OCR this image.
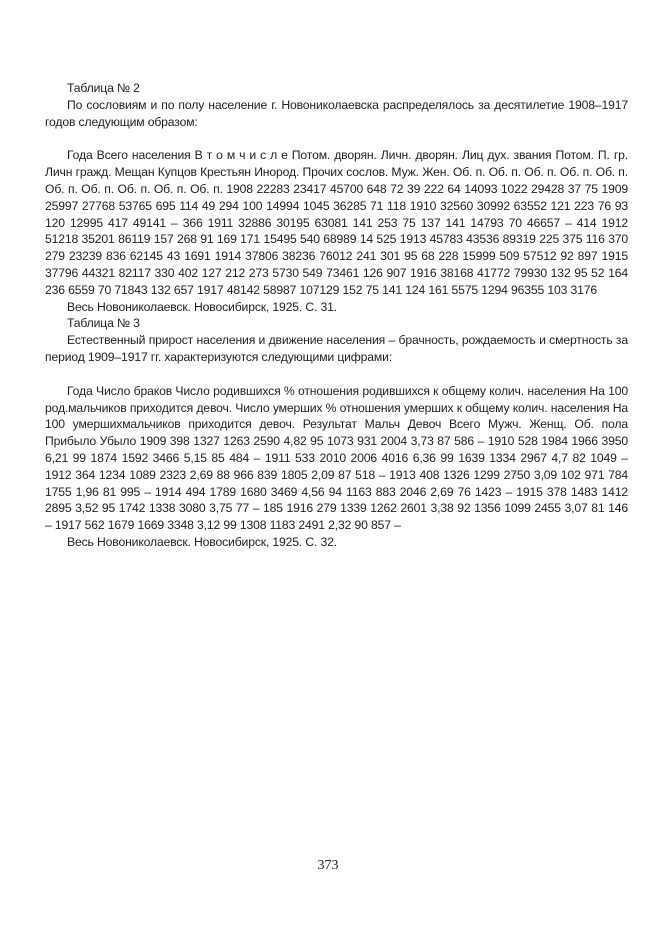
Таблица № 2

По сословиям и по полу население г. Новониколаевска распределялось за десятилетие 1908–1917 годов следующим образом:

Года Всего населения В т о м ч и с л е Потом. дворян. Личн. дворян. Лиц дух. звания Потом. П. гр. Личн гражд. Мещан Купцов Крестьян Инород. Прочих сослов. Муж. Жен. Об. п. Об. п. Об. п. Об. п. Об. п. Об. п. Об. п. Об. п. Об. п. Об. п. 1908 22283 23417 45700 648 72 39 222 64 14093 1022 29428 37 75 1909 25997 27768 53765 695 114 49 294 100 14994 1045 36285 71 118 1910 32560 30992 63552 121 223 76 93 120 12995 417 49141 – 366 1911 32886 30195 63081 141 253 75 137 141 14793 70 46657 – 414 1912 51218 35201 86119 157 268 91 169 171 15495 540 68989 14 525 1913 45783 43536 89319 225 375 116 370 279 23239 836 62145 43 1691 1914 37806 38236 76012 241 301 95 68 228 15999 509 57512 92 897 1915 37796 44321 82117 330 402 127 212 273 5730 549 73461 126 907 1916 38168 41772 79930 132 95 52 164 236 6559 70 71843 132 657 1917 48142 58987 107129 152 75 141 124 161 5575 1294 96355 103 3176

Весь Новониколаевск. Новосибирск, 1925. С. 31.

Таблица № 3

Естественный прирост населения и движение населения – брачность, рождаемость и смертность за период 1909–1917 гг. характеризуются следующими цифрами:

Года Число браков Число родившихся % отношения родившихся к общему колич. населения На 100 род.мальчиков приходится девоч. Число умерших % отношения умерших к общему колич. населения На 100 умершихмальчиков приходится девоч. Результат Мальч Девоч Всего Мужч. Женщ. Об. пола Прибыло Убыло 1909 398 1327 1263 2590 4,82 95 1073 931 2004 3,73 87 586 – 1910 528 1984 1966 3950 6,21 99 1874 1592 3466 5,15 85 484 – 1911 533 2010 2006 4016 6,36 99 1639 1334 2967 4,7 82 1049 – 1912 364 1234 1089 2323 2,69 88 966 839 1805 2,09 87 518 – 1913 408 1326 1299 2750 3,09 102 971 784 1755 1,96 81 995 – 1914 494 1789 1680 3469 4,56 94 1163 883 2046 2,69 76 1423 – 1915 378 1483 1412 2895 3,52 95 1742 1338 3080 3,75 77 – 185 1916 279 1339 1262 2601 3,38 92 1356 1099 2455 3,07 81 146 – 1917 562 1679 1669 3348 3,12 99 1308 1183 2491 2,32 90 857 –

Весь Новониколаевск. Новосибирск, 1925. С. 32.

373
